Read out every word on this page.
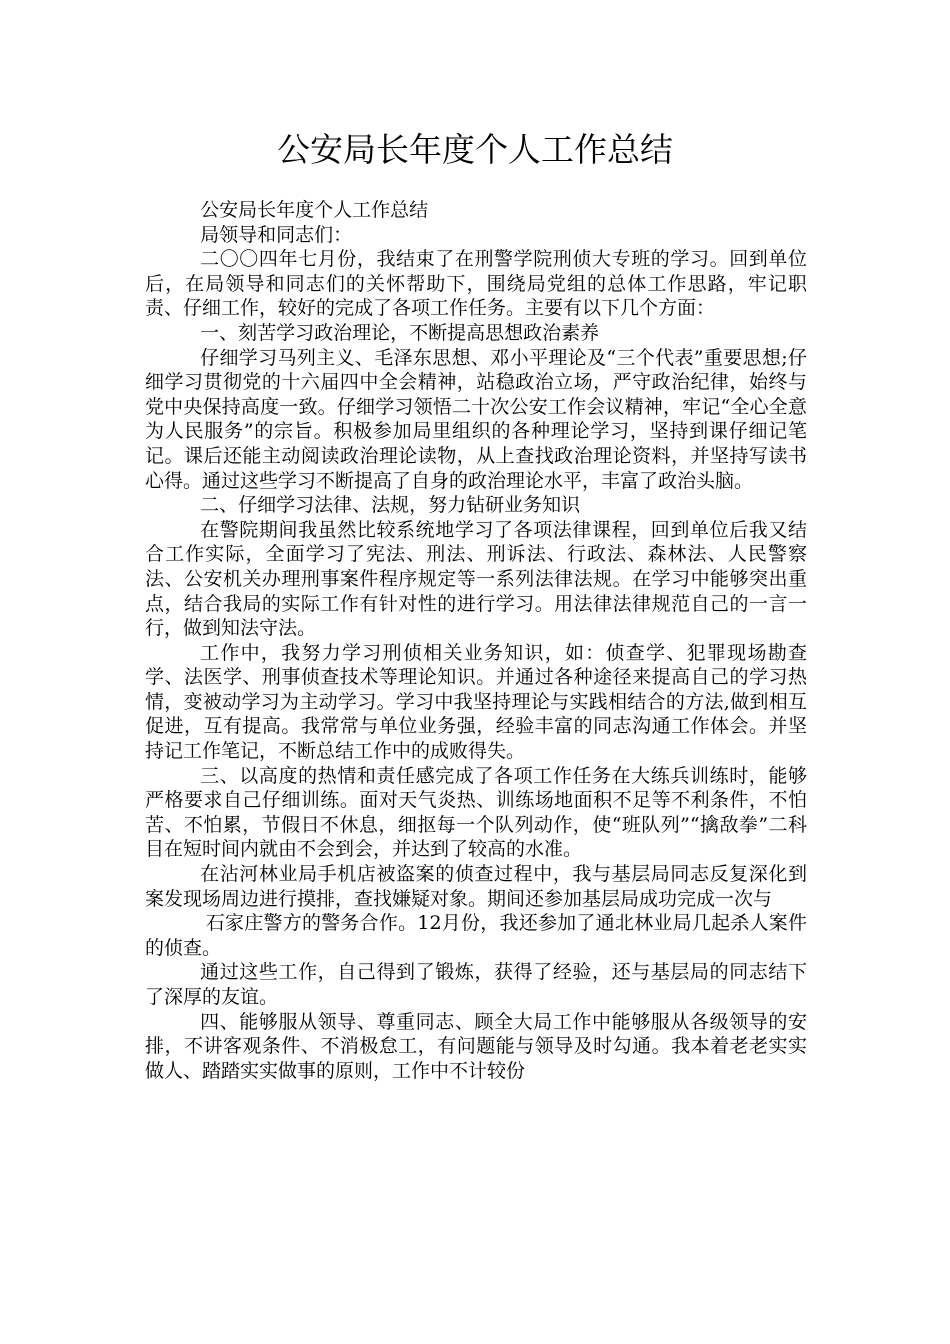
公安局长年度个人工作总结

公安局长年度个人工作总结

局领导和同志们：

二〇〇四年七月份，我结束了在刑警学院刑侦大专班的学习。回到单位后，在局领导和同志们的关怀帮助下，围绕局党组的总体工作思路，牢记职责、仔细工作，较好的完成了各项工作任务。主要有以下几个方面：

一、刻苦学习政治理论，不断提高思想政治素养

仔细学习马列主义、毛泽东思想、邓小平理论及“三个代表”重要思想;仔细学习贯彻党的十六届四中全会精神，站稳政治立场，严守政治纪律，始终与党中央保持高度一致。仔细学习领悟二十次公安工作会议精神，牢记“全心全意为人民服务”的宗旨。积极参加局里组织的各种理论学习，坚持到课仔细记笔记。课后还能主动阅读政治理论读物，从上查找政治理论资料，并坚持写读书心得。通过这些学习不断提高了自身的政治理论水平，丰富了政治头脑。

二、仔细学习法律、法规，努力钻研业务知识

在警院期间我虽然比较系统地学习了各项法律课程，回到单位后我又结合工作实际，全面学习了宪法、刑法、刑诉法、行政法、森林法、人民警察法、公安机关办理刑事案件程序规定等一系列法律法规。在学习中能够突出重点，结合我局的实际工作有针对性的进行学习。用法律法律规范自己的一言一行，做到知法守法。

工作中，我努力学习刑侦相关业务知识，如：侦查学、犯罪现场勘查学、法医学、刑事侦查技术等理论知识。并通过各种途径来提高自己的学习热情，变被动学习为主动学习。学习中我坚持理论与实践相结合的方法,做到相互促进，互有提高。我常常与单位业务强，经验丰富的同志沟通工作体会。并坚持记工作笔记，不断总结工作中的成败得失。

三、以高度的热情和责任感完成了各项工作任务在大练兵训练时，能够严格要求自己仔细训练。面对天气炎热、训练场地面积不足等不利条件，不怕苦、不怕累，节假日不休息，细抠每一个队列动作，使“班队列”“擒敌拳”二科目在短时间内就由不会到会，并达到了较高的水准。

在沾河林业局手机店被盗案的侦查过程中，我与基层局同志反复深化到案发现场周边进行摸排，查找嫌疑对象。期间还参加基层局成功完成一次与

石家庄警方的警务合作。12月份，我还参加了通北林业局几起杀人案件的侦查。

通过这些工作，自己得到了锻炼，获得了经验，还与基层局的同志结下了深厚的友谊。

四、能够服从领导、尊重同志、顾全大局工作中能够服从各级领导的安排，不讲客观条件、不消极怠工，有问题能与领导及时勾通。我本着老老实实做人、踏踏实实做事的原则，工作中不计较份
